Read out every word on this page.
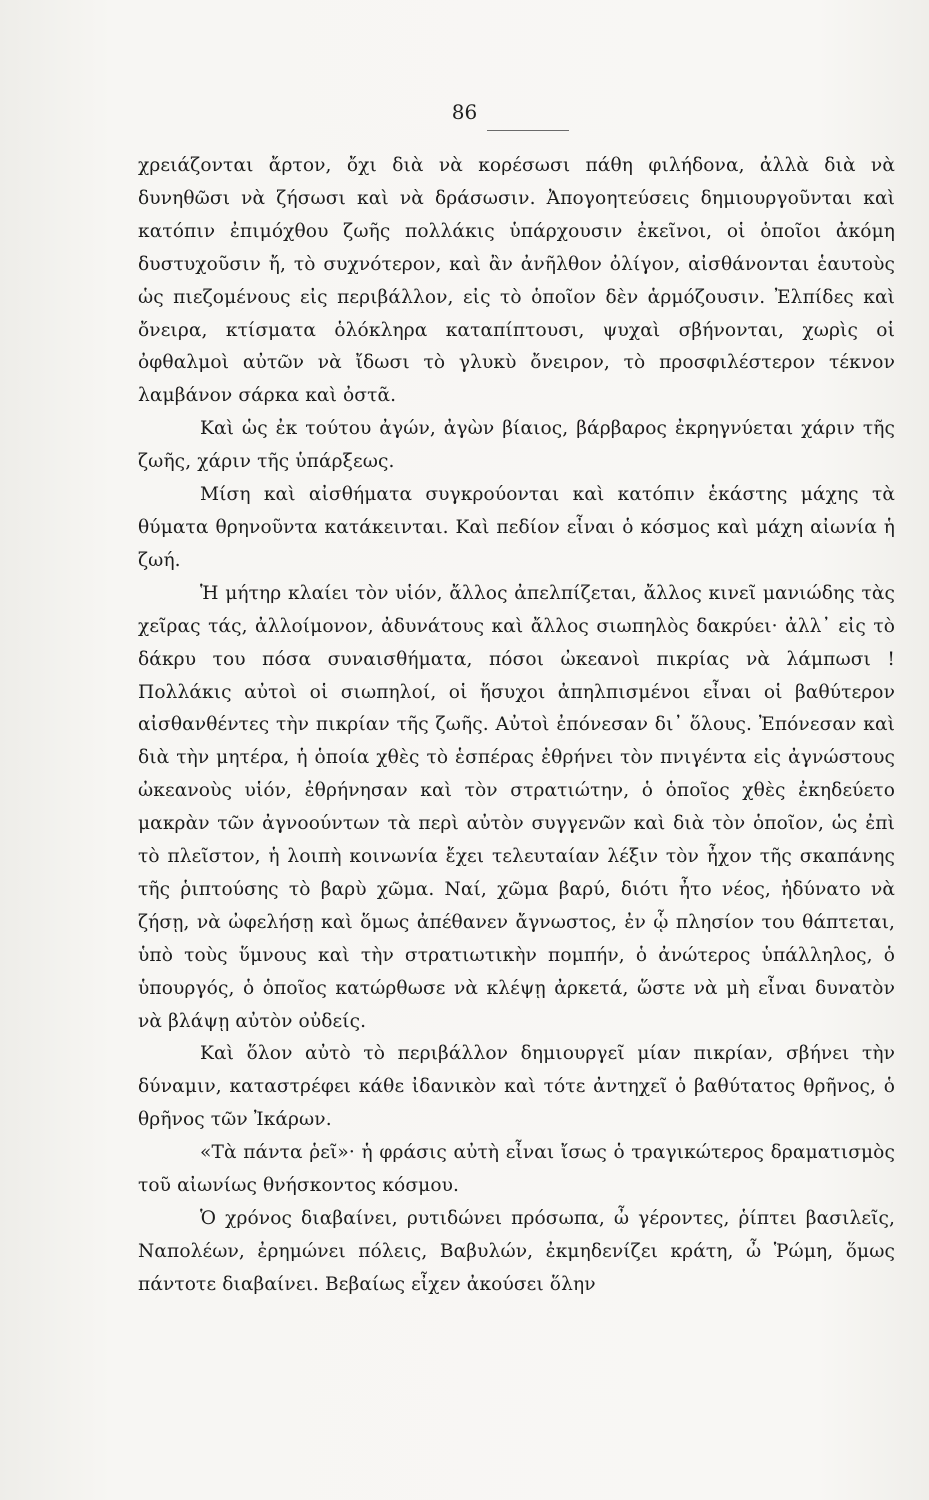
86

χρειάζονται ἄρτον, ὄχι διὰ νὰ κορέσωσι πάθη φιλήδονα, ἀλλὰ διὰ νὰ δυνηθῶσι νὰ ζήσωσι καὶ νὰ δράσωσιν. Ἀπογοητεύσεις δημιουργοῦνται καὶ κατόπιν ἐπιμόχθου ζωῆς πολλάκις ὑπάρχουσιν ἐκεῖνοι, οἱ ὁποῖοι ἀκόμη δυστυχοῦσιν ἤ, τὸ συχνότερον, καὶ ἂν ἀνῆλθον ὀλίγον, αἰσθάνονται ἑαυτοὺς ὡς πιεζομένους εἰς περιβάλλον, εἰς τὸ ὁποῖον δὲν ἁρμόζουσιν. Ἐλπίδες καὶ ὄνειρα, κτίσματα ὁλόκληρα καταπίπτουσι, ψυχαὶ σβήνονται, χωρὶς οἱ ὀφθαλμοὶ αὐτῶν νὰ ἴδωσι τὸ γλυκὺ ὄνειρον, τὸ προσφιλέστερον τέκνον λαμβάνον σάρκα καὶ ὀστᾶ.

Καὶ ὡς ἐκ τούτου ἀγών, ἀγὼν βίαιος, βάρβαρος ἐκρηγνύεται χάριν τῆς ζωῆς, χάριν τῆς ὑπάρξεως.

Μίση καὶ αἰσθήματα συγκρούονται καὶ κατόπιν ἑκάστης μάχης τὰ θύματα θρηνοῦντα κατάκεινται. Καὶ πεδίον εἶναι ὁ κόσμος καὶ μάχη αἰωνία ἡ ζωή.

Ἡ μήτηρ κλαίει τὸν υἱόν, ἄλλος ἀπελπίζεται, ἄλλος κινεῖ μανιώδης τὰς χεῖρας τάς, ἀλλοίμονον, ἀδυνάτους καὶ ἄλλος σιωπηλὸς δακρύει· ἀλλ᾿ εἰς τὸ δάκρυ του πόσα συναισθήματα, πόσοι ὠκεανοὶ πικρίας νὰ λάμπωσι ! Πολλάκις αὐτοὶ οἱ σιωπηλοί, οἱ ἥσυχοι ἀπηλπισμένοι εἶναι οἱ βαθύτερον αἰσθανθέντες τὴν πικρίαν τῆς ζωῆς. Αὐτοὶ ἐπόνεσαν δι᾿ ὅλους. Ἐπόνεσαν καὶ διὰ τὴν μητέρα, ἡ ὁποία χθὲς τὸ ἑσπέρας ἐθρήνει τὸν πνιγέντα εἰς ἀγνώστους ὠκεανοὺς υἱόν, ἐθρήνησαν καὶ τὸν στρατιώτην, ὁ ὁποῖος χθὲς ἐκηδεύετο μακρὰν τῶν ἀγνοούντων τὰ περὶ αὐτὸν συγγενῶν καὶ διὰ τὸν ὁποῖον, ὡς ἐπὶ τὸ πλεῖστον, ἡ λοιπὴ κοινωνία ἔχει τελευταίαν λέξιν τὸν ἦχον τῆς σκαπάνης τῆς ῥιπτούσης τὸ βαρὺ χῶμα. Ναί, χῶμα βαρύ, διότι ἦτο νέος, ἠδύνατο νὰ ζήσῃ, νὰ ὠφελήσῃ καὶ ὅμως ἀπέθανεν ἄγνωστος, ἐν ᾧ πλησίον του θάπτεται, ὑπὸ τοὺς ὕμνους καὶ τὴν στρατιωτικὴν πομπήν, ὁ ἀνώτερος ὑπάλληλος, ὁ ὑπουργός, ὁ ὁποῖος κατώρθωσε νὰ κλέψῃ ἀρκετά, ὥστε νὰ μὴ εἶναι δυνατὸν νὰ βλάψῃ αὐτὸν οὐδείς.

Καὶ ὅλον αὐτὸ τὸ περιβάλλον δημιουργεῖ μίαν πικρίαν, σβήνει τὴν δύναμιν, καταστρέφει κάθε ἰδανικὸν καὶ τότε ἀντηχεῖ ὁ βαθύτατος θρῆνος, ὁ θρῆνος τῶν Ἰκάρων.

«Τὰ πάντα ῥεῖ»· ἡ φράσις αὐτὴ εἶναι ἴσως ὁ τραγικώτερος δραματισμὸς τοῦ αἰωνίως θνήσκοντος κόσμου.

Ὁ χρόνος διαβαίνει, ρυτιδώνει πρόσωπα, ὦ γέροντες, ῥίπτει βασιλεῖς, Ναπολέων, ἐρημώνει πόλεις, Βαβυλών, ἐκμηδενίζει κράτη, ὦ Ῥώμη, ὅμως πάντοτε διαβαίνει. Βεβαίως εἶχεν ἀκούσει ὅλην
